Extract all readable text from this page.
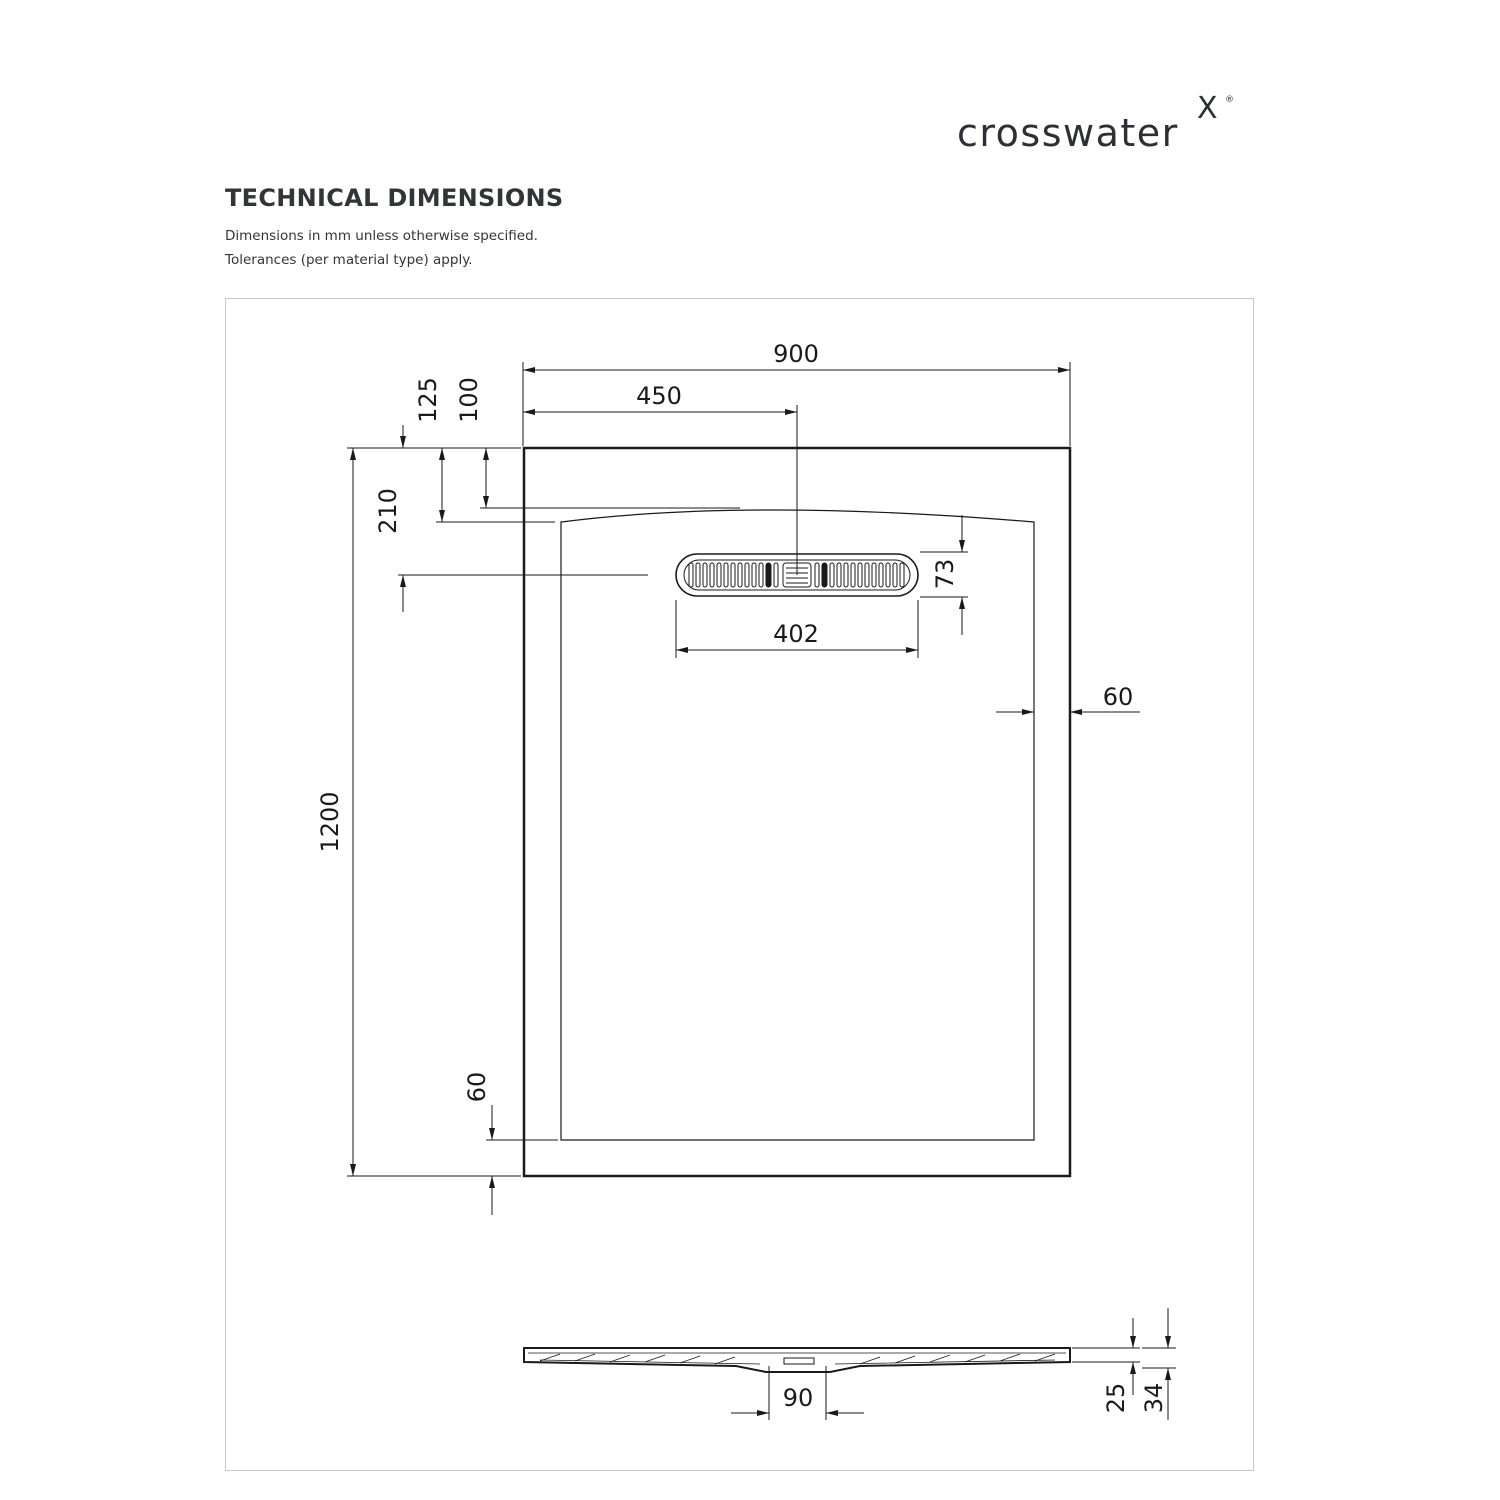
crosswater
X ®
TECHNICAL DIMENSIONS

Dimensions in mm unless otherwise specified.

Tolerances (per material type) apply.

900
450
402
73
1200
210
125 100
60
60
90	25 34
